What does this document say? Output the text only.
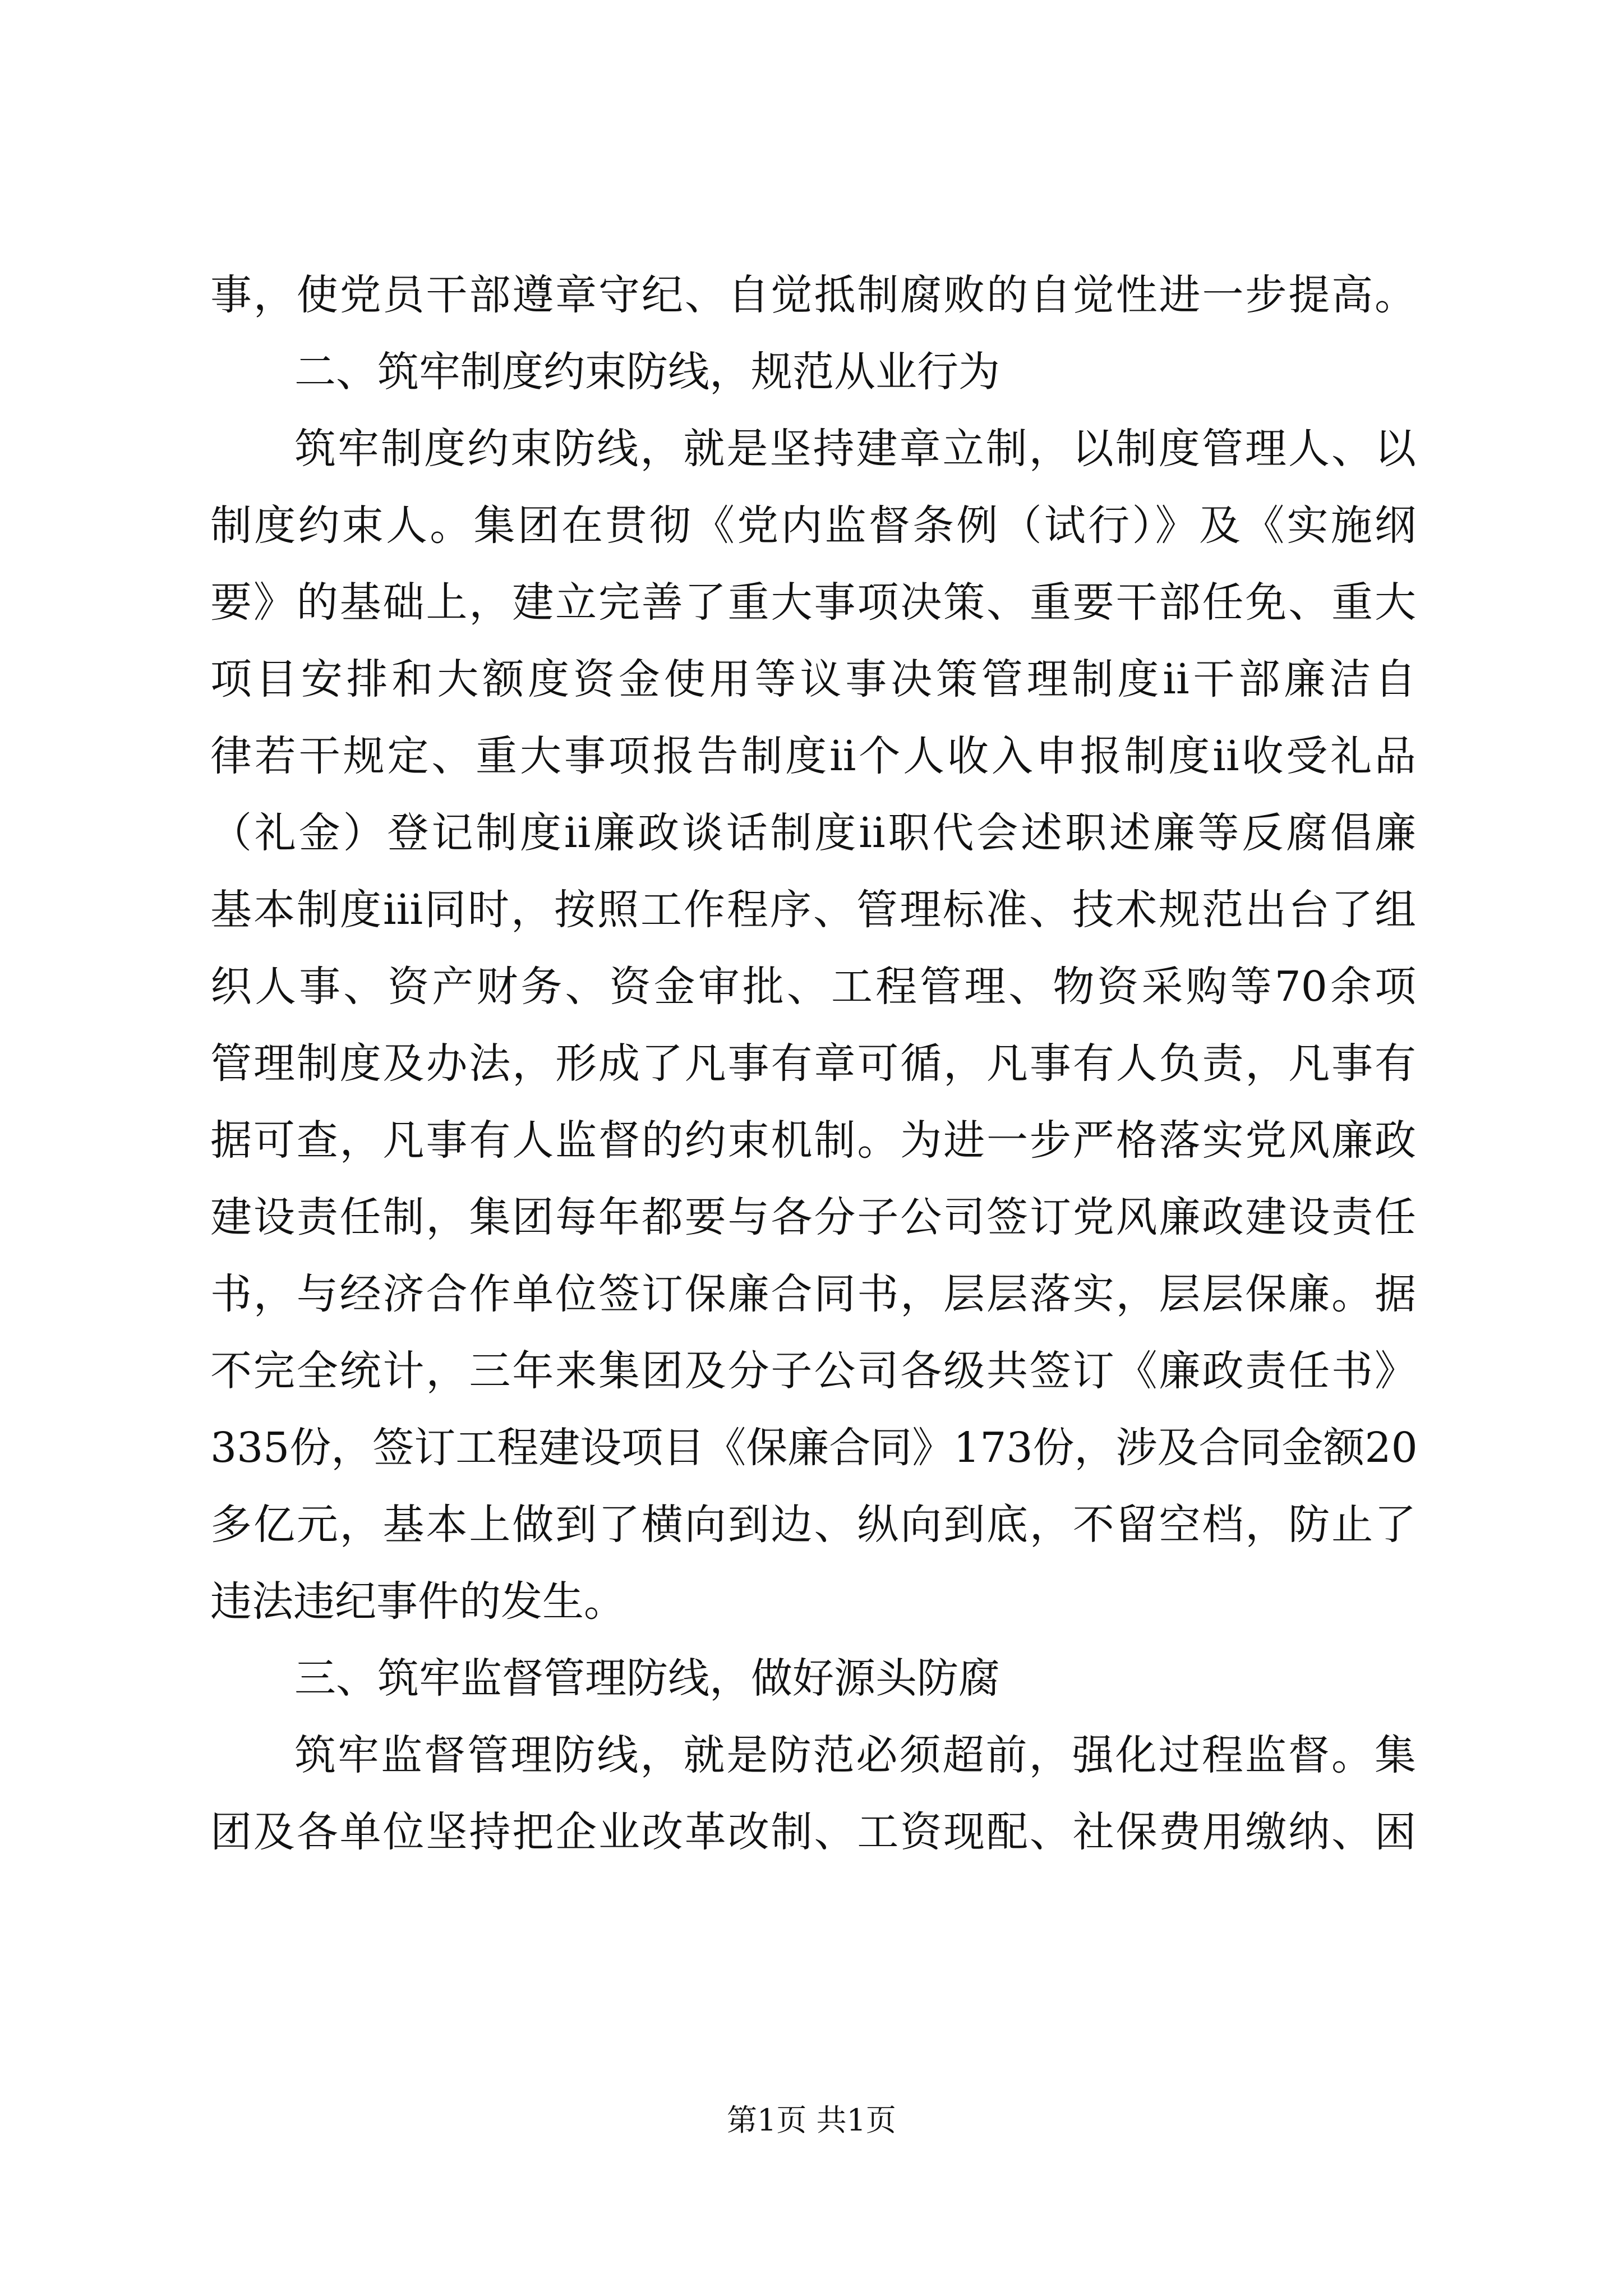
事，使党员干部遵章守纪、自觉抵制腐败的自觉性进一步提高。
二、筑牢制度约束防线，规范从业行为
筑牢制度约束防线，就是坚持建章立制，以制度管理人、以
制度约束人。集团在贯彻《党内监督条例（试行）》及《实施纲
要》的基础上，建立完善了重大事项决策、重要干部任免、重大
项目安排和大额度资金使用等议事决策管理制度ii干部廉洁自
律若干规定、重大事项报告制度ii个人收入申报制度ii收受礼品
（礼金）登记制度ii廉政谈话制度ii职代会述职述廉等反腐倡廉
基本制度iii同时，按照工作程序、管理标准、技术规范出台了组
织人事、资产财务、资金审批、工程管理、物资采购等70余项
管理制度及办法，形成了凡事有章可循，凡事有人负责，凡事有
据可查，凡事有人监督的约束机制。为进一步严格落实党风廉政
建设责任制，集团每年都要与各分子公司签订党风廉政建设责任
书，与经济合作单位签订保廉合同书，层层落实，层层保廉。据
不完全统计，三年来集团及分子公司各级共签订《廉政责任书》
335份，签订工程建设项目《保廉合同》173份，涉及合同金额20
多亿元，基本上做到了横向到边、纵向到底，不留空档，防止了
违法违纪事件的发生。
三、筑牢监督管理防线，做好源头防腐
筑牢监督管理防线，就是防范必须超前，强化过程监督。集
团及各单位坚持把企业改革改制、工资现配、社保费用缴纳、困
第1页 共1页
